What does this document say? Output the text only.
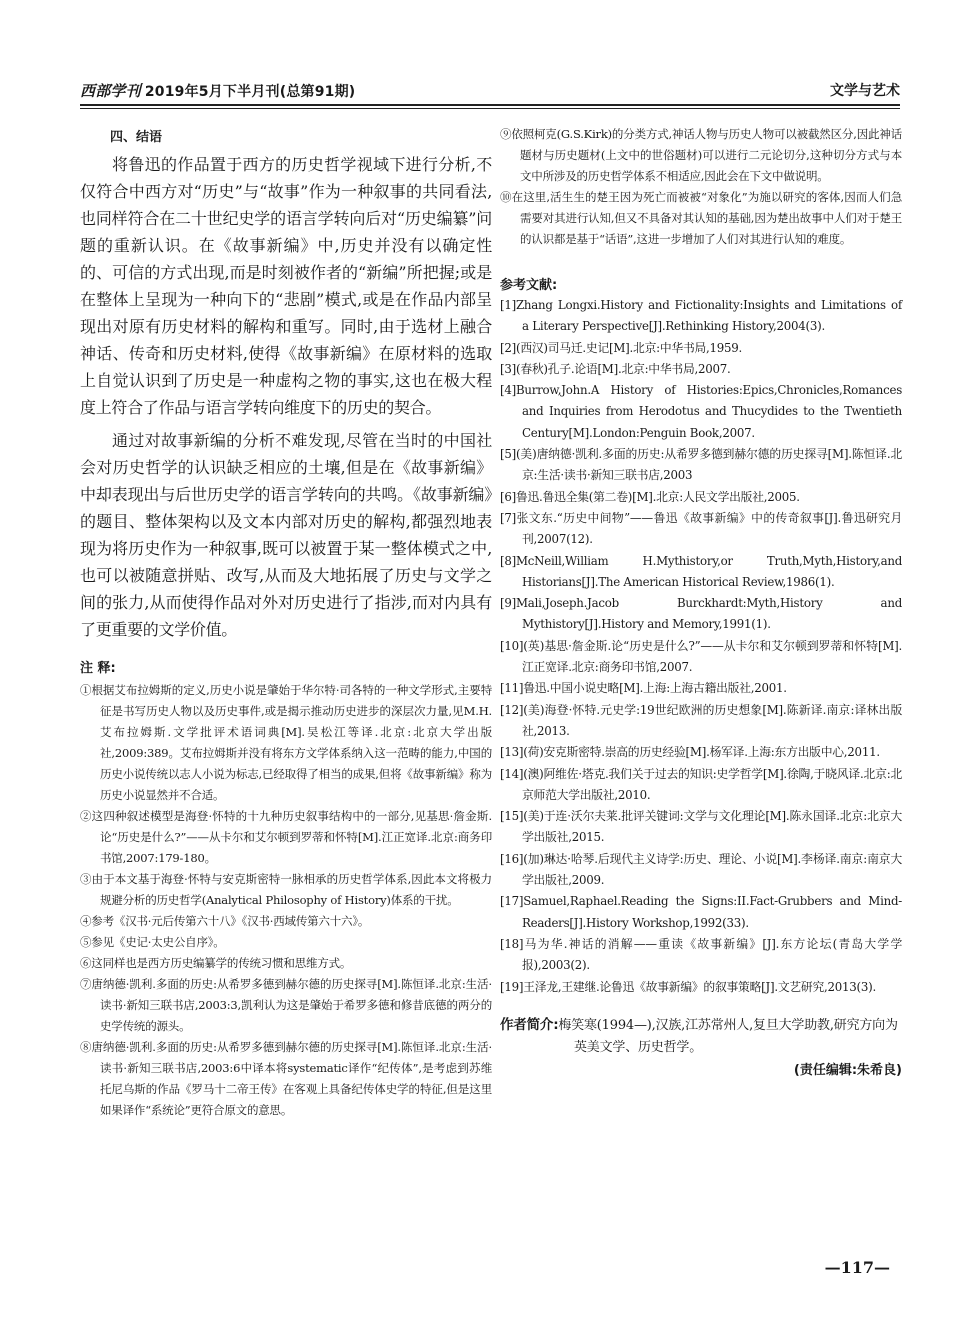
西部学刊 2019年5月下半月刊(总第91期)	文学与艺术
四、结语

将鲁迅的作品置于西方的历史哲学视域下进行分析,不仅符合中西方对“历史”与“故事”作为一种叙事的共同看法,也同样符合在二十世纪史学的语言学转向后对“历史编纂”问题的重新认识。在《故事新编》中,历史并没有以确定性的、可信的方式出现,而是时刻被作者的“新编”所把握;或是在整体上呈现为一种向下的“悲剧”模式,或是在作品内部呈现出对原有历史材料的解构和重写。同时,由于选材上融合神话、传奇和历史材料,使得《故事新编》在原材料的选取上自觉认识到了历史是一种虚构之物的事实,这也在极大程度上符合了作品与语言学转向维度下的历史的契合。

通过对故事新编的分析不难发现,尽管在当时的中国社会对历史哲学的认识缺乏相应的土壤,但是在《故事新编》中却表现出与后世历史学的语言学转向的共鸣。《故事新编》的题目、整体架构以及文本内部对历史的解构,都强烈地表现为将历史作为一种叙事,既可以被置于某一整体模式之中,也可以被随意拼贴、改写,从而及大地拓展了历史与文学之间的张力,从而使得作品对外对历史进行了指涉,而对内具有了更重要的文学价值。

注 释:

①根据艾布拉姆斯的定义,历史小说是肇始于华尔特·司各特的一种文学形式,主要特征是书写历史人物以及历史事件,或是揭示推动历史进步的深层次力量,见M.H.艾布拉姆斯.文学批评术语词典[M].吴松江等译.北京:北京大学出版社,2009:389。艾布拉姆斯并没有将东方文学体系纳入这一范畴的能力,中国的历史小说传统以志人小说为标志,已经取得了相当的成果,但将《故事新编》称为历史小说显然并不合适。

②这四种叙述模型是海登·怀特的十九种历史叙事结构中的一部分,见基思·詹金斯.论“历史是什么?”——从卡尔和艾尔顿到罗蒂和怀特[M].江正宽译.北京:商务印书馆,2007:179-180。

③由于本文基于海登·怀特与安克斯密特一脉相承的历史哲学体系,因此本文将极力规避分析的历史哲学(Analytical Philosophy of History)体系的干扰。

④参考《汉书·元后传第六十八》《汉书·西域传第六十六》。

⑤参见《史记·太史公自序》。

⑥这同样也是西方历史编纂学的传统习惯和思维方式。

⑦唐纳德·凯利.多面的历史:从希罗多德到赫尔德的历史探寻[M].陈恒译.北京:生活·读书·新知三联书店,2003:3,凯利认为这是肇始于希罗多德和修昔底德的两分的史学传统的源头。

⑧唐纳德·凯利.多面的历史:从希罗多德到赫尔德的历史探寻[M].陈恒译.北京:生活·读书·新知三联书店,2003:6中译本将systematic译作“纪传体”,是考虑到苏维托尼乌斯的作品《罗马十二帝王传》在客观上具备纪传体史学的特征,但是这里如果译作“系统论”更符合原文的意思。

⑨依照柯克(G.S.Kirk)的分类方式,神话人物与历史人物可以被截然区分,因此神话题材与历史题材(上文中的世俗题材)可以进行二元论切分,这种切分方式与本文中所涉及的历史哲学体系不相适应,因此会在下文中做说明。

⑩在这里,活生生的楚王因为死亡而被被“对象化”为施以研究的客体,因而人们急需要对其进行认知,但又不具备对其认知的基础,因为楚出故事中人们对于楚王的认识都是基于“话语”,这进一步增加了人们对其进行认知的难度。

参考文献:

[1]Zhang Longxi.History and Fictionality:Insights and Limitations of a Literary Perspective[J].Rethinking History,2004(3).

[2](西汉)司马迁.史记[M].北京:中华书局,1959.

[3](春秋)孔子.论语[M].北京:中华书局,2007.

[4]Burrow,John.A History of Histories:Epics,Chronicles,Romances and Inquiries from Herodotus and Thucydides to the Twentieth Century[M].London:Penguin Book,2007.

[5](美)唐纳德·凯利.多面的历史:从希罗多德到赫尔德的历史探寻[M].陈恒译.北京:生活·读书·新知三联书店,2003

[6]鲁迅.鲁迅全集(第二卷)[M].北京:人民文学出版社,2005.

[7]张文东.“历史中间物”——鲁迅《故事新编》中的传奇叙事[J].鲁迅研究月刊,2007(12).

[8]McNeill,William H.Mythistory,or Truth,Myth,History,and Historians[J].The American Historical Review,1986(1).

[9]Mali,Joseph.Jacob Burckhardt:Myth,History and Mythistory[J].History and Memory,1991(1).

[10](英)基思·詹金斯.论“历史是什么?”——从卡尔和艾尔顿到罗蒂和怀特[M].江正宽译.北京:商务印书馆,2007.

[11]鲁迅.中国小说史略[M].上海:上海古籍出版社,2001.

[12](美)海登·怀特.元史学:19世纪欧洲的历史想象[M].陈新译.南京:译林出版社,2013.

[13](荷)安克斯密特.崇高的历史经验[M].杨军译.上海:东方出版中心,2011.

[14](澳)阿维佐·塔克.我们关于过去的知识:史学哲学[M].徐陶,于晓风译.北京:北京师范大学出版社,2010.

[15](美)于连·沃尔夫莱.批评关键词:文学与文化理论[M].陈永国译.北京:北京大学出版社,2015.

[16](加)琳达·哈琴.后现代主义诗学:历史、理论、小说[M].李杨译.南京:南京大学出版社,2009.

[17]Samuel,Raphael.Reading the Signs:II.Fact-Grubbers and Mind-Readers[J].History Workshop,1992(33).

[18]马为华.神话的消解——重读《故事新编》[J].东方论坛(青岛大学学报),2003(2).

[19]王泽龙,王建继.论鲁迅《故事新编》的叙事策略[J].文艺研究,2013(3).

作者简介:梅笑寒(1994—),汉族,江苏常州人,复旦大学助教,研究方向为英美文学、历史哲学。
(责任编辑:朱希良)
—117—
